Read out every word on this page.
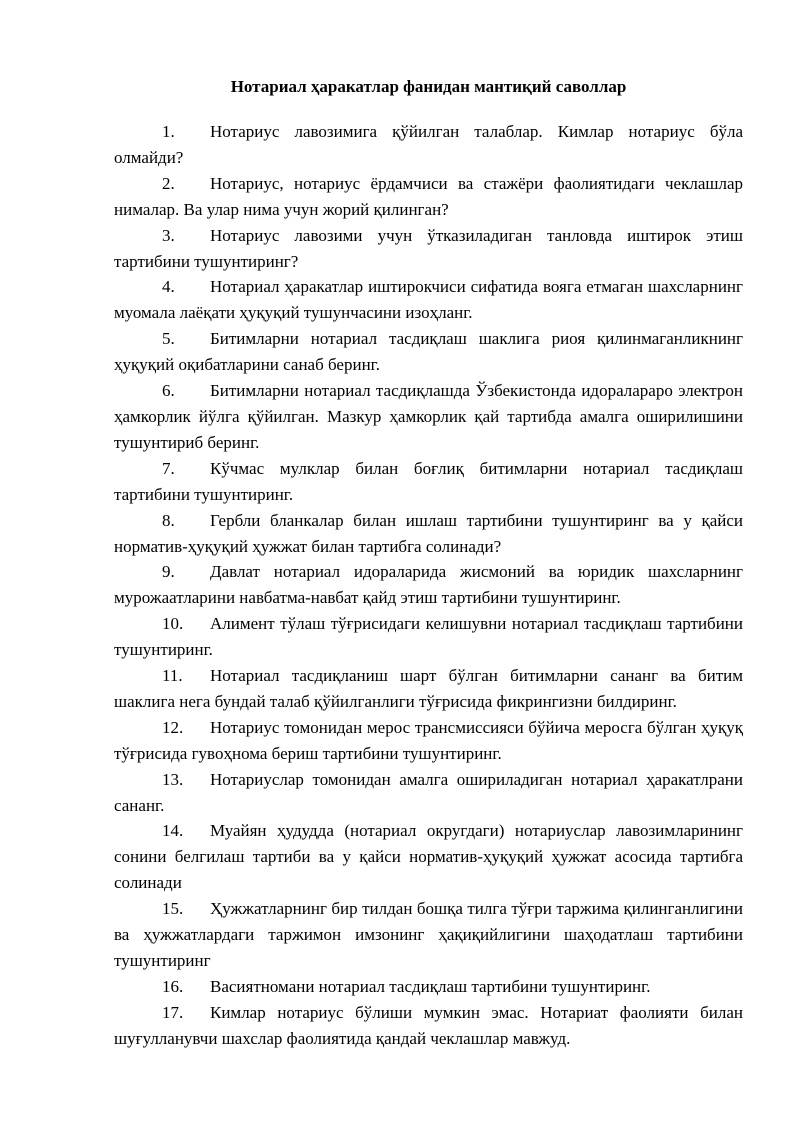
Нотариал ҳаракатлар фанидан мантиқий саволлар
1. Нотариус лавозимига қўйилган талаблар. Кимлар нотариус бўла олмайди?
2. Нотариус, нотариус ёрдамчиси ва стажёри фаолиятидаги чеклашлар нималар. Ва улар нима учун жорий қилинган?
3. Нотариус лавозими учун ўтказиладиган танловда иштирок этиш тартибини тушунтиринг?
4. Нотариал ҳаракатлар иштирокчиси сифатида вояга етмаган шахсларнинг муомала лаёқати ҳуқуқий тушунчасини изоҳланг.
5. Битимларни нотариал тасдиқлаш шаклига риоя қилинмаганликнинг ҳуқуқий оқибатларини санаб беринг.
6. Битимларни нотариал тасдиқлашда Ўзбекистонда идоралараро электрон ҳамкорлик йўлга қўйилган. Мазкур ҳамкорлик қай тартибда амалга оширилишини тушунтириб беринг.
7. Кўчмас мулклар билан боғлиқ битимларни нотариал тасдиқлаш тартибини тушунтиринг.
8. Гербли бланкалар билан ишлаш тартибини тушунтиринг ва у қайси норматив-ҳуқуқий ҳужжат билан тартибга солинади?
9. Давлат нотариал идораларида жисмоний ва юридик шахсларнинг мурожаатларини навбатма-навбат қайд этиш тартибини тушунтиринг.
10. Алимент тўлаш тўғрисидаги келишувни нотариал тасдиқлаш тартибини тушунтиринг.
11. Нотариал тасдиқланиш шарт бўлган битимларни сананг ва битим шаклига нега бундай талаб қўйилганлиги тўғрисида фикрингизни билдиринг.
12. Нотариус томонидан мерос трансмиссияси бўйича меросга бўлган ҳуқуқ тўғрисида гувоҳнома бериш тартибини тушунтиринг.
13. Нотариуслар томонидан амалга ошириладиган нотариал ҳаракатлрани сананг.
14. Муайян ҳудудда (нотариал округдаги) нотариуслар лавозимларининг сонини белгилаш тартиби ва у қайси норматив-ҳуқуқий ҳужжат асосида тартибга солинади
15. Ҳужжатларнинг бир тилдан бошқа тилга тўғри таржима қилинганлигини ва ҳужжатлардаги таржимон имзонинг ҳақиқийлигини шаҳодатлаш тартибини тушунтиринг
16. Васиятномани нотариал тасдиқлаш тартибини тушунтиринг.
17. Кимлар нотариус бўлиши мумкин эмас. Нотариат фаолияти билан шуғулланувчи шахслар фаолиятида қандай чеклашлар мавжуд.
